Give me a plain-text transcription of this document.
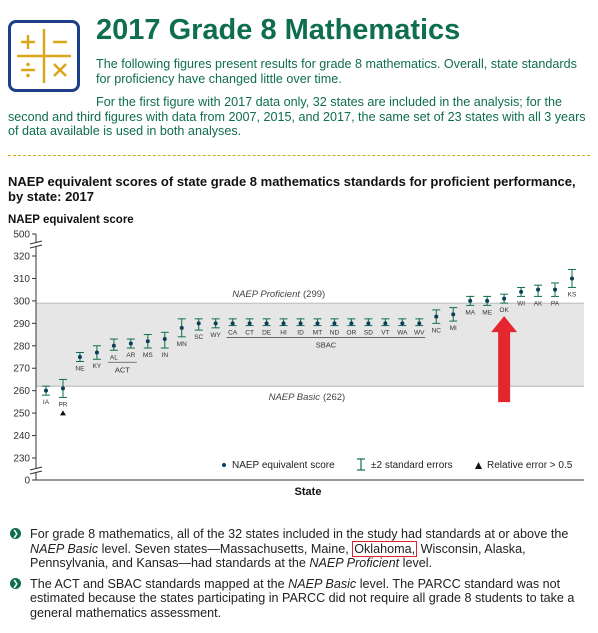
2017 Grade 8 Mathematics
The following figures present results for grade 8 mathematics. Overall, state standards for proficiency have changed little over time.
For the first figure with 2017 data only, 32 states are included in the analysis; for the second and third figures with data from 2007, 2015, and 2017, the same set of 23 states with all 3 years of data available is used in both analyses.
NAEP equivalent scores of state grade 8 mathematics standards for proficient performance, by state: 2017
NAEP equivalent score
NAEP Proficient (299)
NAEP Basic (262)
0
230
240
250
260
270
280
290
300
310
320
500
IA PR
NE KY
AL AR MS IN
MN
SC WY CA CT DE HI ID MT ND OR SD VT WA WV NC MI
MA ME OK
WI AK PA
KS
ACT
SBAC
NAEP equivalent score	±2 standard errors	Relative error > 0.5
State
❯ For grade 8 mathematics, all of the 32 states included in the study had standards at or above the NAEP Basic level. Seven states—Massachusetts, Maine, Oklahoma, Wisconsin, Alaska, Pennsylvania, and Kansas—had standards at the NAEP Proficient level.
❯ The ACT and SBAC standards mapped at the NAEP Basic level. The PARCC standard was not estimated because the states participating in PARCC did not require all grade 8 students to take a general mathematics assessment.
